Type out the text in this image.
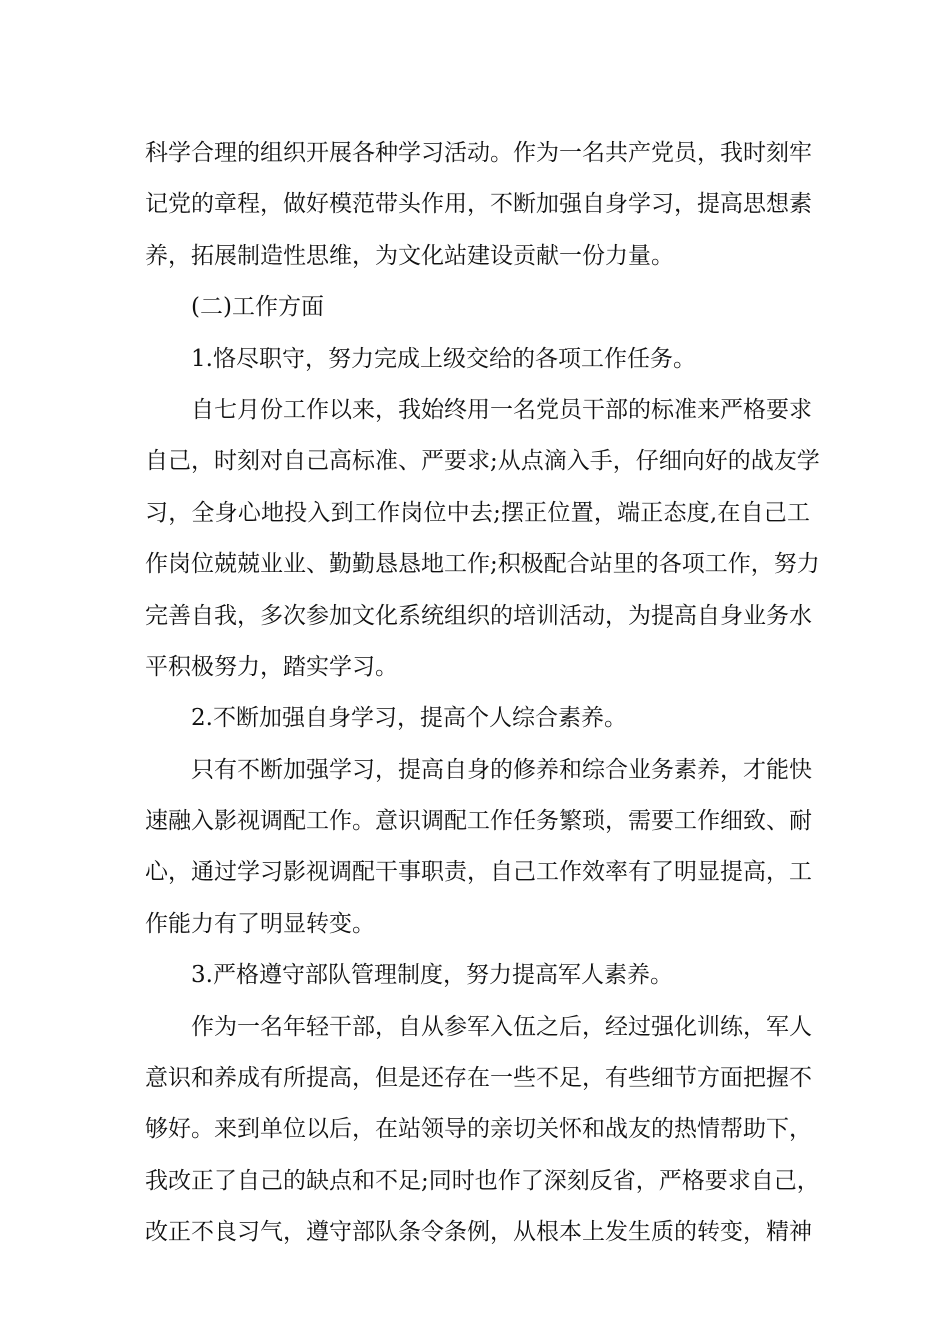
科学合理的组织开展各种学习活动。作为一名共产党员，我时刻牢
记党的章程，做好模范带头作用，不断加强自身学习，提高思想素
养，拓展制造性思维，为文化站建设贡献一份力量。
(二)工作方面
1.恪尽职守，努力完成上级交给的各项工作任务。
自七月份工作以来，我始终用一名党员干部的标准来严格要求
自己，时刻对自己高标准、严要求;从点滴入手，仔细向好的战友学
习，全身心地投入到工作岗位中去;摆正位置，端正态度,在自己工
作岗位兢兢业业、勤勤恳恳地工作;积极配合站里的各项工作，努力
完善自我，多次参加文化系统组织的培训活动，为提高自身业务水
平积极努力，踏实学习。
2.不断加强自身学习，提高个人综合素养。
只有不断加强学习，提高自身的修养和综合业务素养，才能快
速融入影视调配工作。意识调配工作任务繁琐，需要工作细致、耐
心，通过学习影视调配干事职责，自己工作效率有了明显提高，工
作能力有了明显转变。
3.严格遵守部队管理制度，努力提高军人素养。
作为一名年轻干部，自从参军入伍之后，经过强化训练，军人
意识和养成有所提高，但是还存在一些不足，有些细节方面把握不
够好。来到单位以后，在站领导的亲切关怀和战友的热情帮助下，
我改正了自己的缺点和不足;同时也作了深刻反省，严格要求自己，
改正不良习气，遵守部队条令条例，从根本上发生质的转变，精神
